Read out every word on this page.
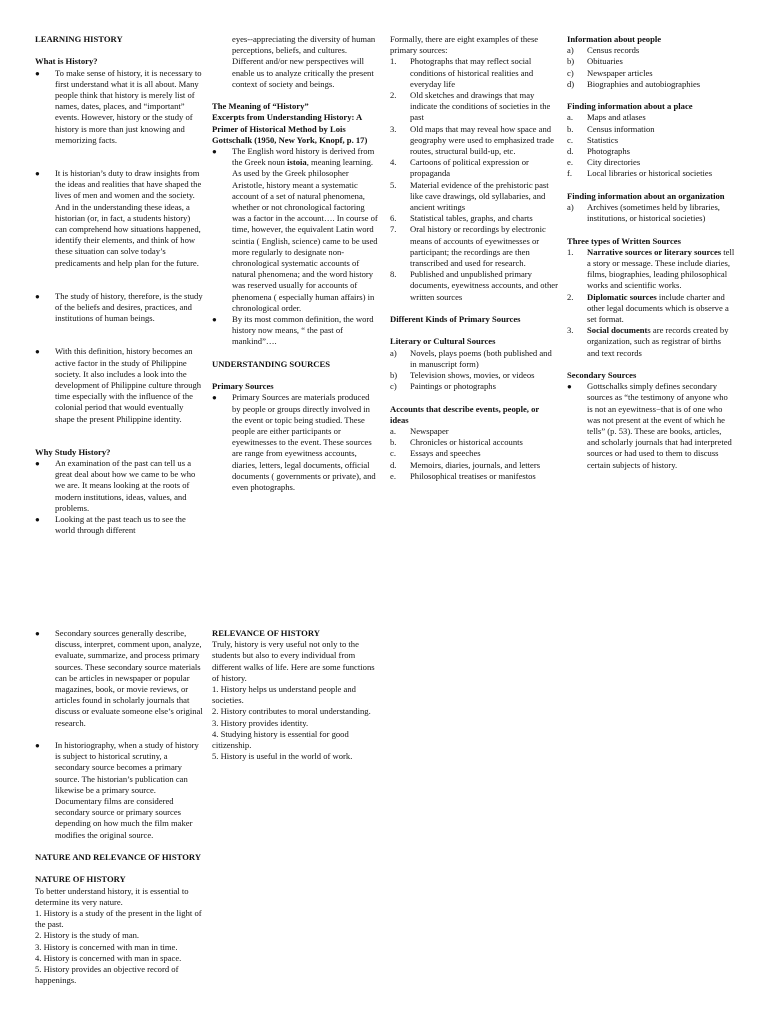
LEARNING HISTORY

What is History?

●
To make sense of history, it is necessary to first understand what it is all about. Many people think that history is merely list of names, dates, places, and “important” events. However, history or the study of history is more than just knowing and memorizing facts.
●
It is historian’s duty to draw insights from the ideas and realities that have shaped the lives of men and women and the society. And in the understanding these ideas, a historian (or, in fact, a students history) can comprehend how situations happened, identify their elements, and think of how these situation can solve today’s predicaments and help plan for the future.
●
The study of history, therefore, is the study of the beliefs and desires, practices, and institutions of human beings.
●
With this definition, history becomes an active factor in the study of Philippine society. It also includes a look into the development of Philippine culture through time especially with the influence of the colonial period that would eventually shape the present Philippine identity.

Why Study History?

●
An examination of the past can tell us a great deal about how we came to be who we are. It means looking at the roots of modern institutions, ideas, values, and problems.
●
Looking at the past teach us to see the world through different

eyes--appreciating the diversity of human perceptions, beliefs, and cultures. Different and/or new perspectives will enable us to analyze critically the present context of society and beings.

The Meaning of “History”

Excerpts from Understanding History: A Primer of Historical Method by Lois Gottschalk (1950, New York, Knopf, p. 17)

●
The English word history is derived from the Greek noun istoia, meaning learning. As used by the Greek philosopher Aristotle, history meant a systematic account of a set of natural phenomena, whether or not chronological factoring was a factor in the account…. In course of time, however, the equivalent Latin word scintia ( English, science) came to be used more regularly to designate non-chronological systematic accounts of natural phenomena; and the word history was reserved usually for accounts of phenomena ( especially human affairs) in chronological order.
●
By its most common definition, the word history now means, “ the past of mankind”….

UNDERSTANDING SOURCES

Primary Sources

●
Primary Sources are materials produced by people or groups directly involved in the event or topic being studied. These people are either participants or eyewitnesses to the event. These sources are range from eyewitness accounts, diaries, letters, legal documents, official documents ( governments or private), and even photographs.

Formally, there are eight examples of these primary sources:

1.	Photographs that may reflect social conditions of historical realities and everyday life
2.	Old sketches and drawings that may indicate the conditions of societies in the past
3.	Old maps that may reveal how space and geography were used to emphasized trade routes, structural build-up, etc.
4.	Cartoons of political expression or propaganda
5.	Material evidence of the prehistoric past like cave drawings, old syllabaries, and ancient writings
6.	Statistical tables, graphs, and charts
7.	Oral history or recordings by electronic means of accounts of eyewitnesses or participant; the recordings are then transcribed and used for research.
8.	Published and unpublished primary documents, eyewitness accounts, and other written sources

Different Kinds of Primary Sources

Literary or Cultural Sources

a)	Novels, plays poems (both published and in manuscript form)
b)	Television shows, movies, or videos
c)	Paintings or photographs

Accounts that describe events, people, or ideas

a.	Newspaper
b.	Chronicles or historical accounts
c.	Essays and speeches
d.	Memoirs, diaries, journals, and letters
e.	Philosophical treatises or manifestos

Information about people

a)	Census records
b)	Obituaries
c)	Newspaper articles
d)	Biographies and autobiographies

Finding information about a place

a.	Maps and atlases
b.	Census information
c.	Statistics
d.	Photographs
e.	City directories
f.	Local libraries or historical societies

Finding information about an organization

a)	Archives (sometimes held by libraries, institutions, or historical societies)

Three types of Written Sources

1.	Narrative sources or literary sources tell a story or message. These include diaries, films, biographies, leading philosophical works and scientific works.
2.	Diplomatic sources include charter and other legal documents which is observe a set format.
3.	Social documents are records created by organization, such as registrar of births and text records

Secondary Sources

●
Gottschalks simply defines secondary sources as “the testimony of anyone who is not an eyewitness−that is of one who was not present at the event of which he tells” (p. 53). These are books, articles, and scholarly journals that had interpreted sources or had used to them to discuss certain subjects of history.
●
Secondary sources generally describe, discuss, interpret, comment upon, analyze, evaluate, summarize, and process primary sources. These secondary source materials can be articles in newspaper or popular magazines, book, or movie reviews, or articles found in scholarly journals that discuss or evaluate someone else’s original research.
●
In historiography, when a study of history is subject to historical scrutiny, a secondary source becomes a primary source. The historian’s publication can likewise be a primary source. Documentary films are considered secondary source or primary sources depending on how much the film maker modifies the original source.

NATURE AND RELEVANCE OF HISTORY

NATURE OF HISTORY

To better understand history, it is essential to determine its very nature.

1. History is a study of the present in the light of the past.

2. History is the study of man.

3. History is concerned with man in time.

4. History is concerned with man in space.

5. History provides an objective record of happenings.

RELEVANCE OF HISTORY

Truly, history is very useful not only to the students but also to every individual from different walks of life. Here are some functions of history.

1. History helps us understand people and societies.

2. History contributes to moral understanding.

3. History provides identity.

4. Studying history is essential for good citizenship.

5. History is useful in the world of work.
